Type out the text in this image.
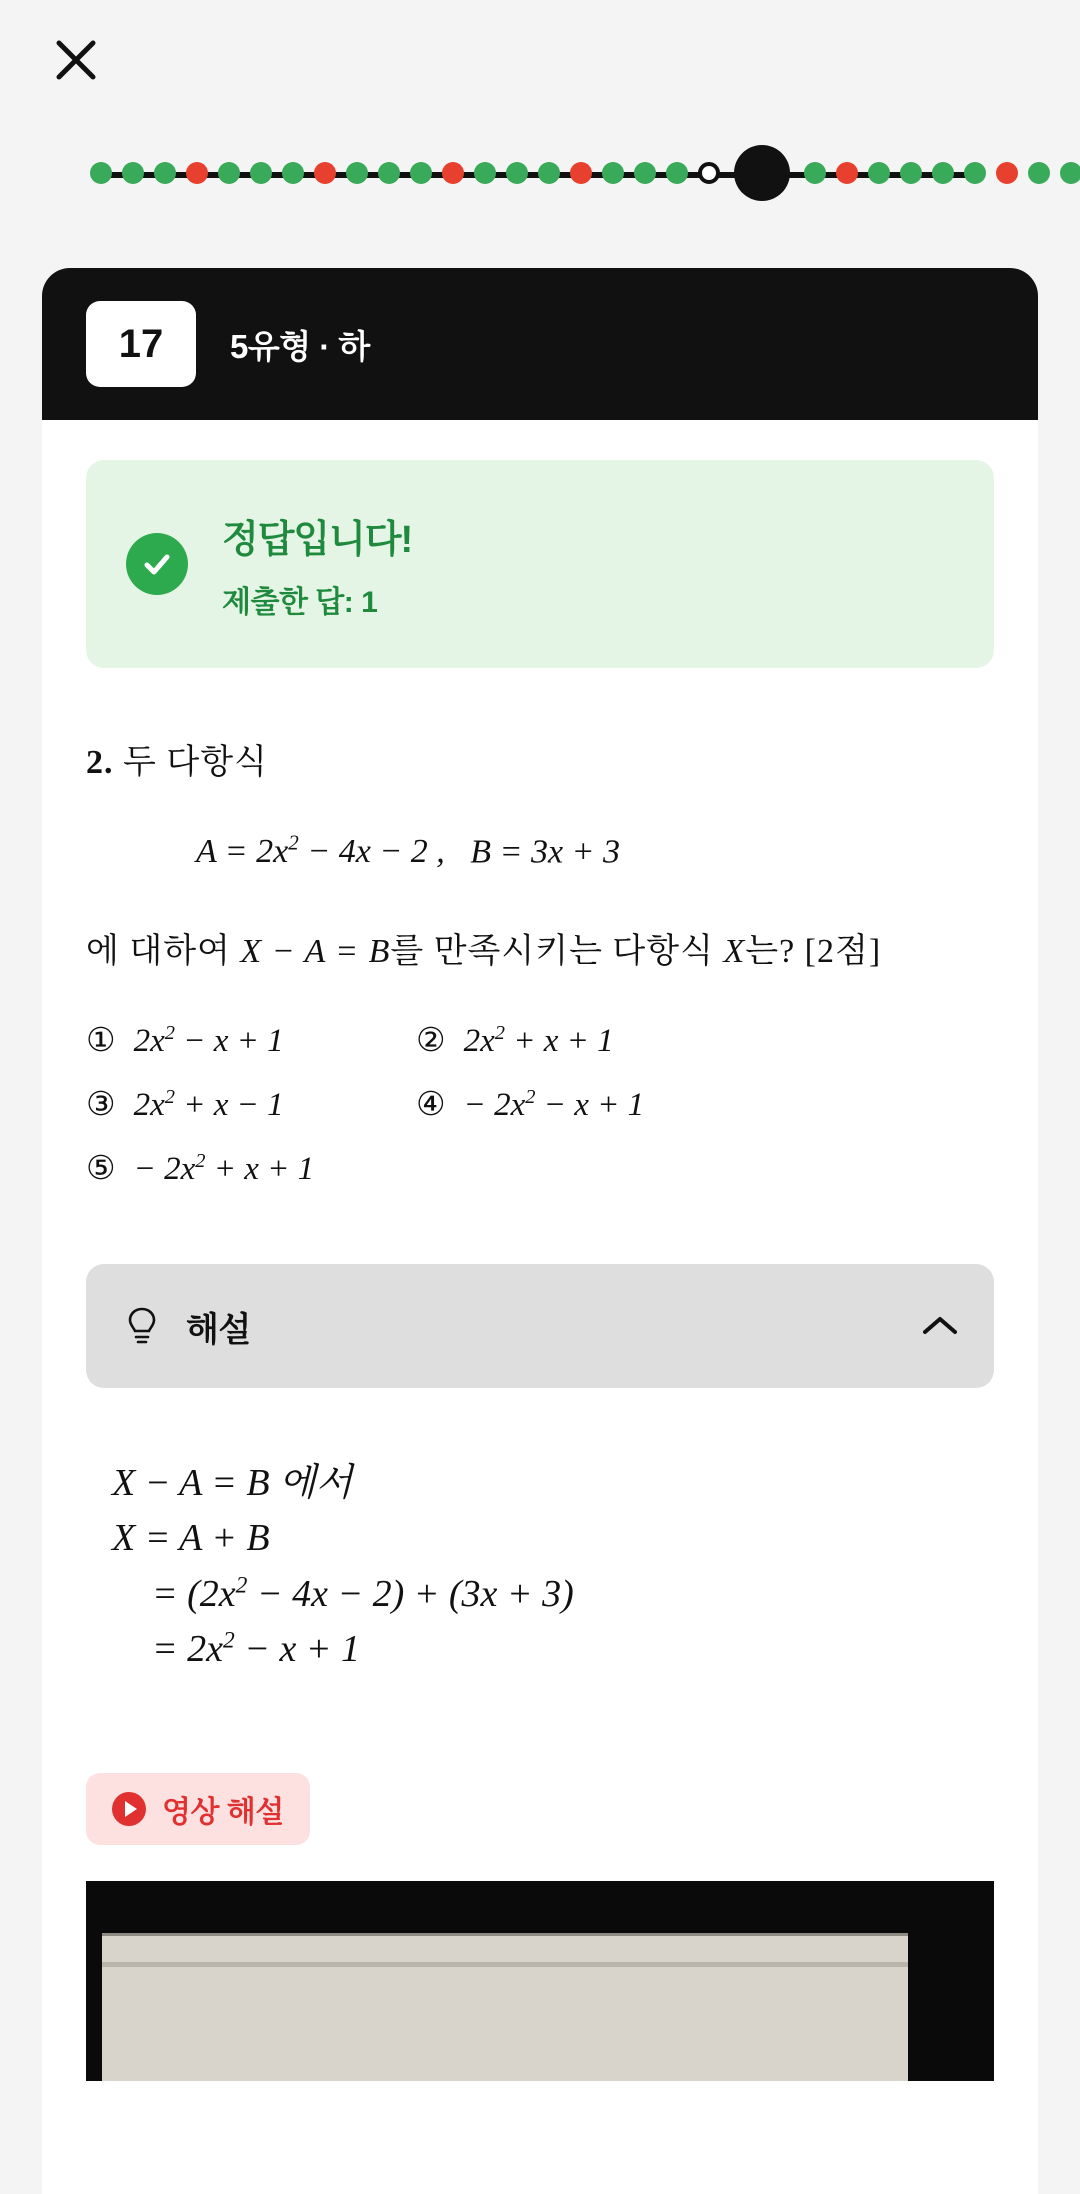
17	5유형 · 하
정답입니다!
제출한 답: 1
2. 두 다항식
$A = 2x^2 - 4x - 2$ , B = 3x + 3
에 대하여 X − A = B를 만족시키는 다항식 X는? [2점]
① $2x^2 - x + 1$	② $2x^2 + x + 1$
③ $2x^2 + x - 1$	④ − $2x^2 - x + 1$
⑤ − $2x^2 + x + 1$
해설
X − A = B 에서
X = A + B
= $(2x^2 - 4x - 2) + (3x + 3)$
= $2x^2 - x + 1$
영상 해설
